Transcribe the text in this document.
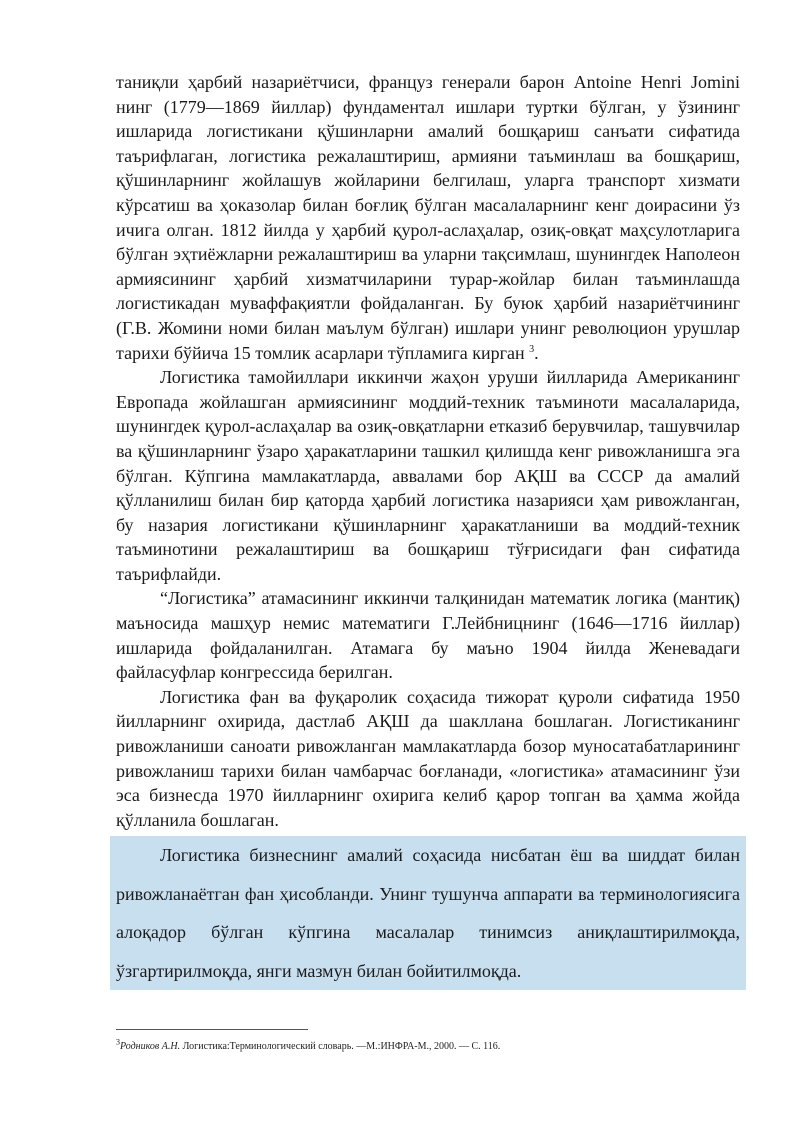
таниқли ҳарбий назариётчиси, француз генерали барон Antoine Henri Jomini нинг (1779—1869 йиллар) фундаментал ишлари туртки бўлган, у ўзининг ишларида логистикани қўшинларни амалий бошқариш санъати сифатида таърифлаган, логистика режалаштириш, армияни таъминлаш ва бошқариш, қўшинларнинг жойлашув жойларини белгилаш, уларга транспорт хизмати кўрсатиш ва ҳоказолар билан боғлиқ бўлган масалаларнинг кенг доирасини ўз ичига олган. 1812 йилда у ҳарбий қурол-аслаҳалар, озиқ-овқат маҳсулотларига бўлган эҳтиёжларни режалаштириш ва уларни тақсимлаш, шунингдек Наполеон армиясининг ҳарбий хизматчиларини турар-жойлар билан таъминлашда логистикадан муваффақиятли фойдаланган. Бу буюк ҳарбий назариётчининг (Г.В. Жомини номи билан маълум бўлган) ишлари унинг революцион урушлар тарихи бўйича 15 томлик асарлари тўпламига кирган $^3$.

Логистика тамойиллари иккинчи жаҳон уруши йилларида Американинг Европада жойлашган армиясининг моддий-техник таъминоти масалаларида, шунингдек қурол-аслаҳалар ва озиқ-овқатларни етказиб берувчилар, ташувчилар ва қўшинларнинг ўзаро ҳаракатларини ташкил қилишда кенг ривожланишга эга бўлган. Кўпгина мамлакатларда, аввалами бор АҚШ ва СССР да амалий қўлланилиш билан бир қаторда ҳарбий логистика назарияси ҳам ривожланган, бу назария логистикани қўшинларнинг ҳаракатланиши ва моддий-техник таъминотини режалаштириш ва бошқариш тўғрисидаги фан сифатида таърифлайди.

“Логистика” атамасининг иккинчи талқинидан математик логика (мантиқ) маъносида машҳур немис математиги Г.Лейбницнинг (1646—1716 йиллар) ишларида фойдаланилган. Атамага бу маъно 1904 йилда Женевадаги файласуфлар конгрессида берилган.

Логистика фан ва фуқаролик соҳасида тижорат қуроли сифатида 1950 йилларнинг охирида, дастлаб АҚШ да шаклланa бошлаган. Логистиканинг ривожланиши саноати ривожланган мамлакатларда бозор муносатабатларининг ривожланиш тарихи билан чамбарчас боғланади, «логистика» атамасининг ўзи эса бизнесда 1970 йилларнинг охирига келиб қарор топган ва ҳамма жойда қўлланила бошлаган.

Логистика бизнеснинг амалий соҳасида нисбатан ёш ва шиддат билан ривожланаётган фан ҳисобланди. Унинг тушунча аппарати ва терминологиясига алоқадор бўлган кўпгина масалалар тинимсиз аниқлаштирилмоқда, ўзгартирилмоқда, янги мазмун билан бойитилмоқда.

$^3$Родников А.Н. Логистика:Терминологический словарь. —М.:ИНФРА-М., 2000. — С. 116.
